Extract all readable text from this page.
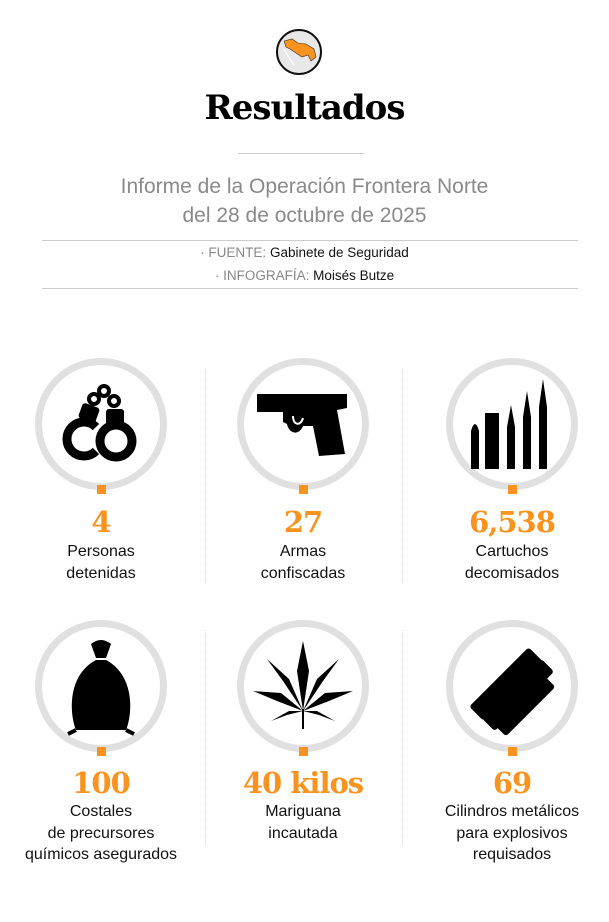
Resultados
Informe de la Operación Frontera Norte
del 28 de octubre de 2025
· FUENTE: Gabinete de Seguridad
· INFOGRAFÍA: Moisés Butze
4
Personas
detenidas
27
Armas
confiscadas
6,538
Cartuchos
decomisados
100
Costales
de precursores
químicos asegurados
40 kilos
Mariguana
incautada
69
Cilindros metálicos
para explosivos
requisados
